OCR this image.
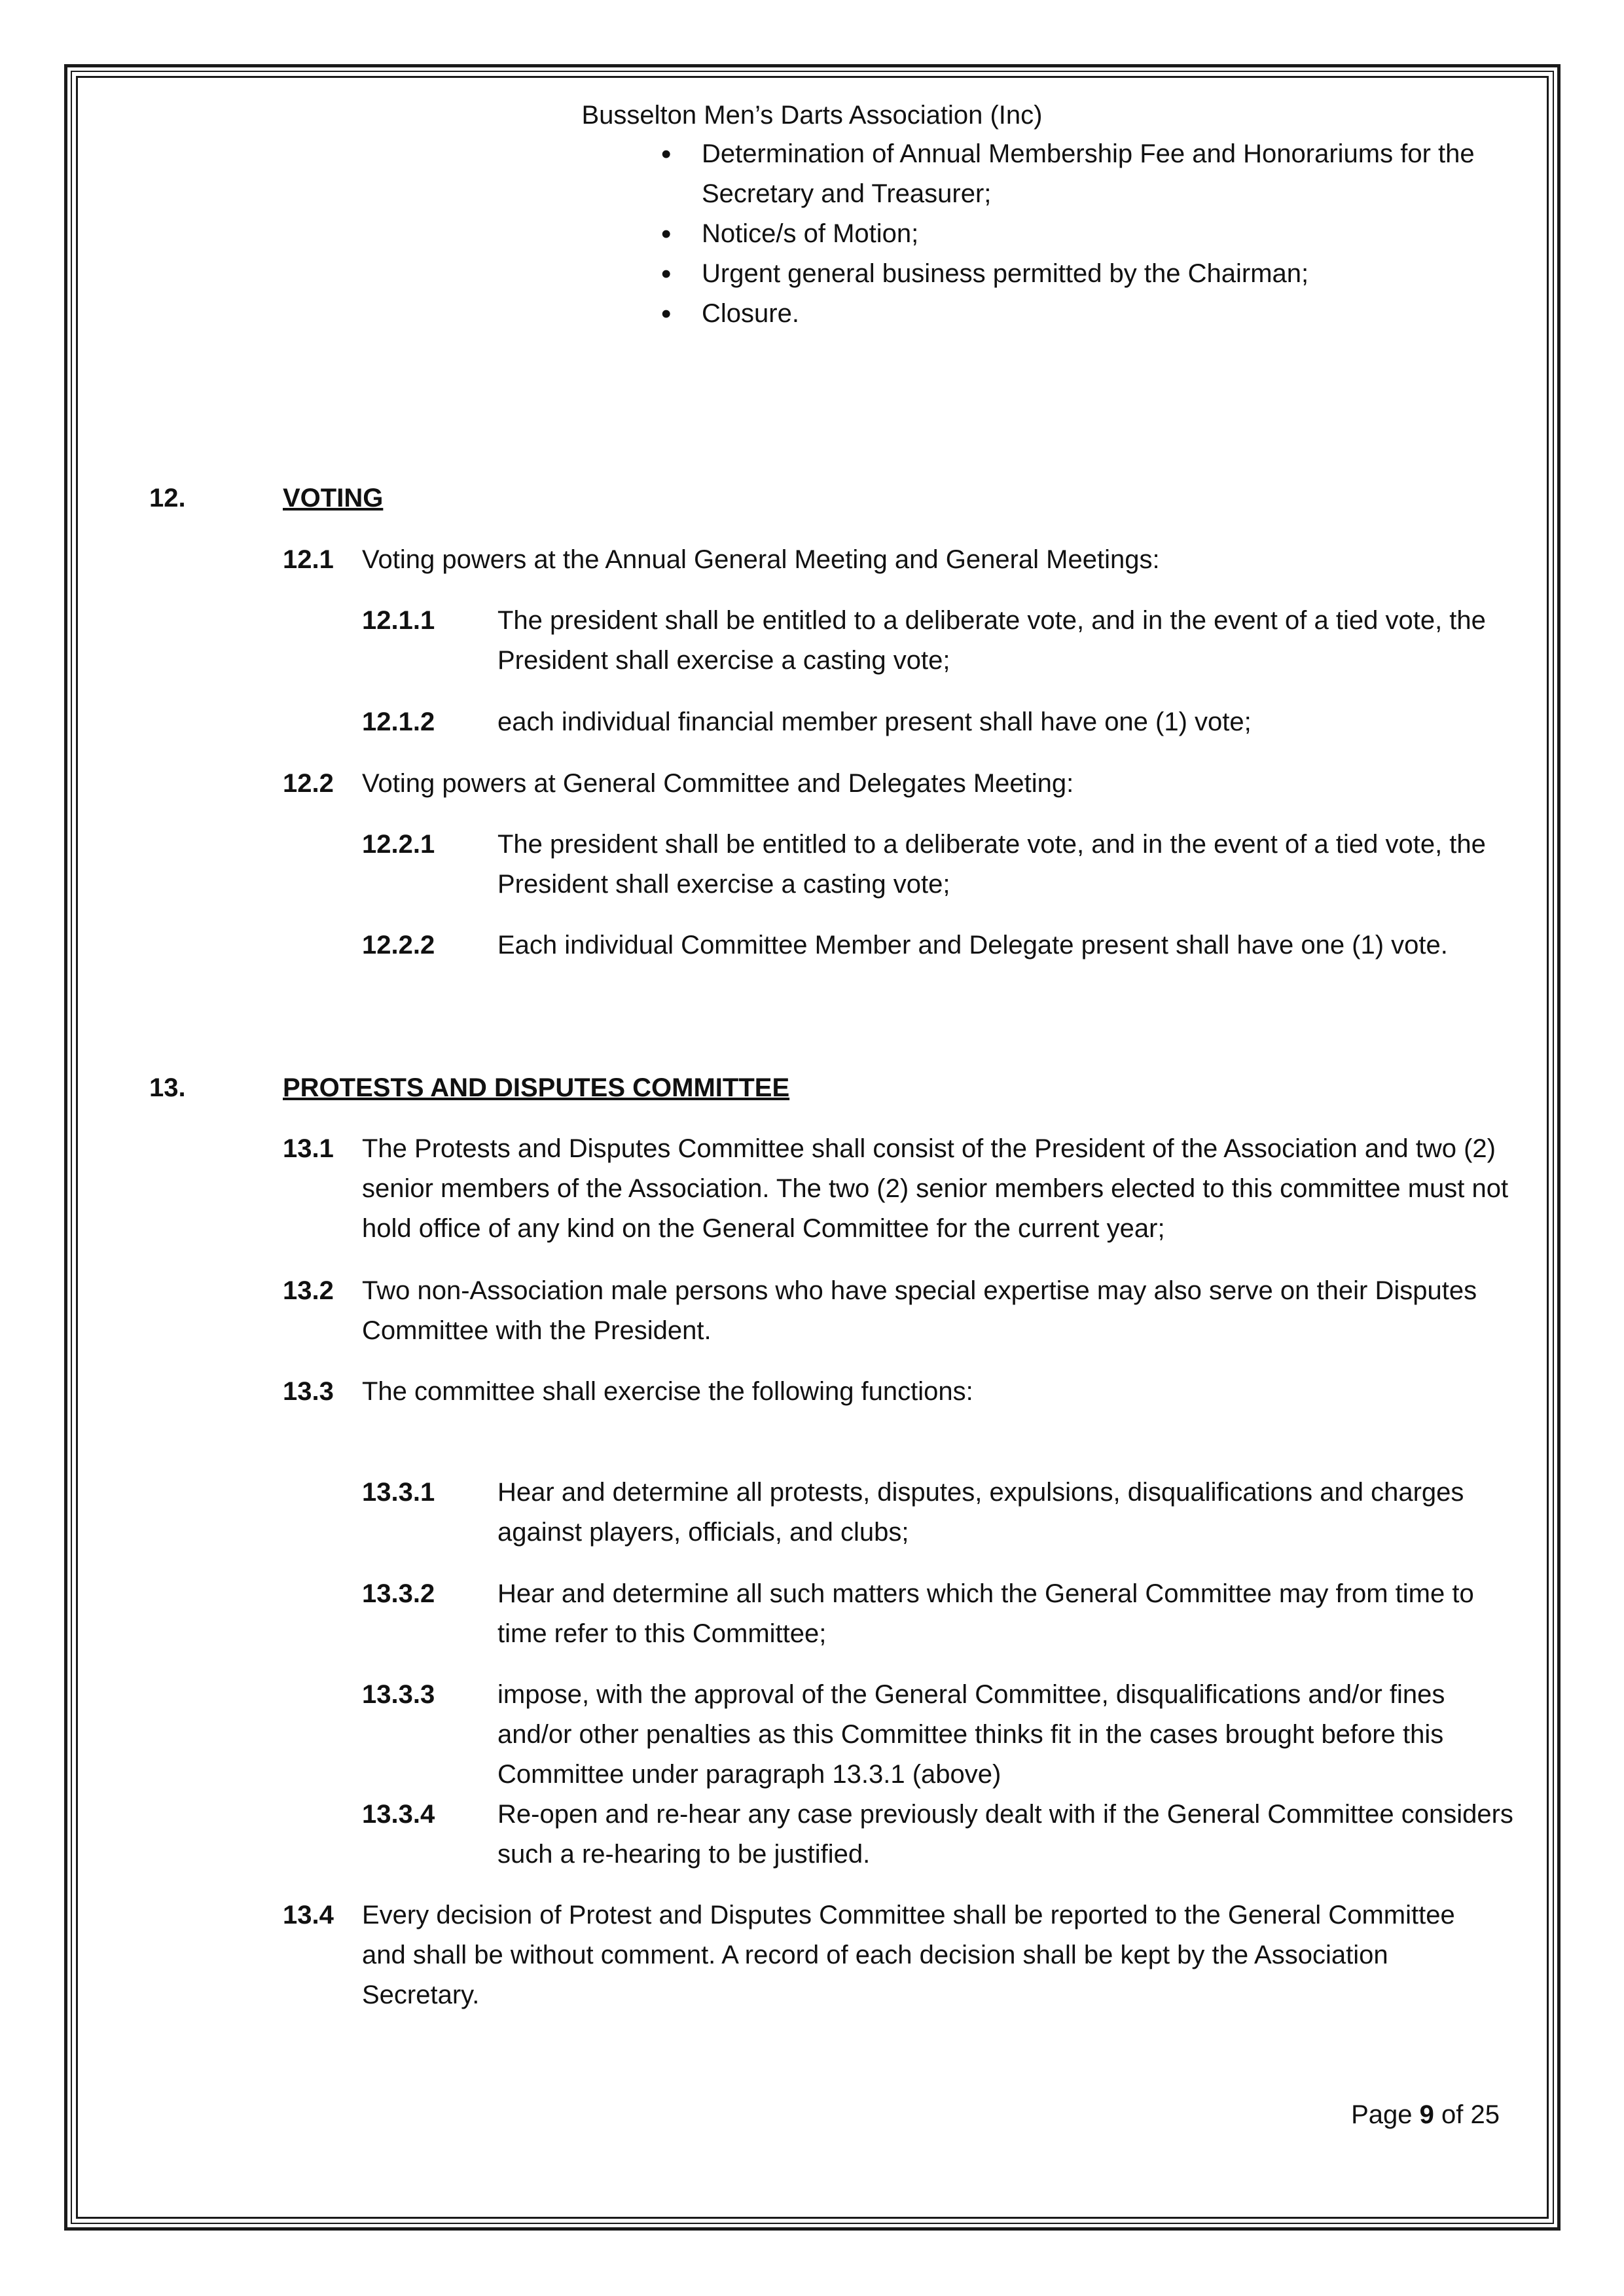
Busselton Men’s Darts Association (Inc)
• Determination of Annual Membership Fee and Honorariums for the Secretary and Treasurer;
• Notice/s of Motion;
• Urgent general business permitted by the Chairman;
• Closure.
12.	VOTING
12.1 Voting powers at the Annual General Meeting and General Meetings:
12.1.1 The president shall be entitled to a deliberate vote, and in the event of a tied vote, the President shall exercise a casting vote;
12.1.2 each individual financial member present shall have one (1) vote;
12.2 Voting powers at General Committee and Delegates Meeting:
12.2.1 The president shall be entitled to a deliberate vote, and in the event of a tied vote, the President shall exercise a casting vote;
12.2.2 Each individual Committee Member and Delegate present shall have one (1) vote.
13.	PROTESTS AND DISPUTES COMMITTEE
13.1 The Protests and Disputes Committee shall consist of the President of the Association and two (2) senior members of the Association. The two (2) senior members elected to this committee must not hold office of any kind on the General Committee for the current year;
13.2 Two non-Association male persons who have special expertise may also serve on their Disputes Committee with the President.
13.3 The committee shall exercise the following functions:
13.3.1 Hear and determine all protests, disputes, expulsions, disqualifications and charges against players, officials, and clubs;
13.3.2 Hear and determine all such matters which the General Committee may from time to time refer to this Committee;
13.3.3 impose, with the approval of the General Committee, disqualifications and/or fines and/or other penalties as this Committee thinks fit in the cases brought before this Committee under paragraph 13.3.1 (above)
13.3.4 Re-open and re-hear any case previously dealt with if the General Committee considers such a re-hearing to be justified.
13.4 Every decision of Protest and Disputes Committee shall be reported to the General Committee and shall be without comment. A record of each decision shall be kept by the Association Secretary.
Page 9 of 25
